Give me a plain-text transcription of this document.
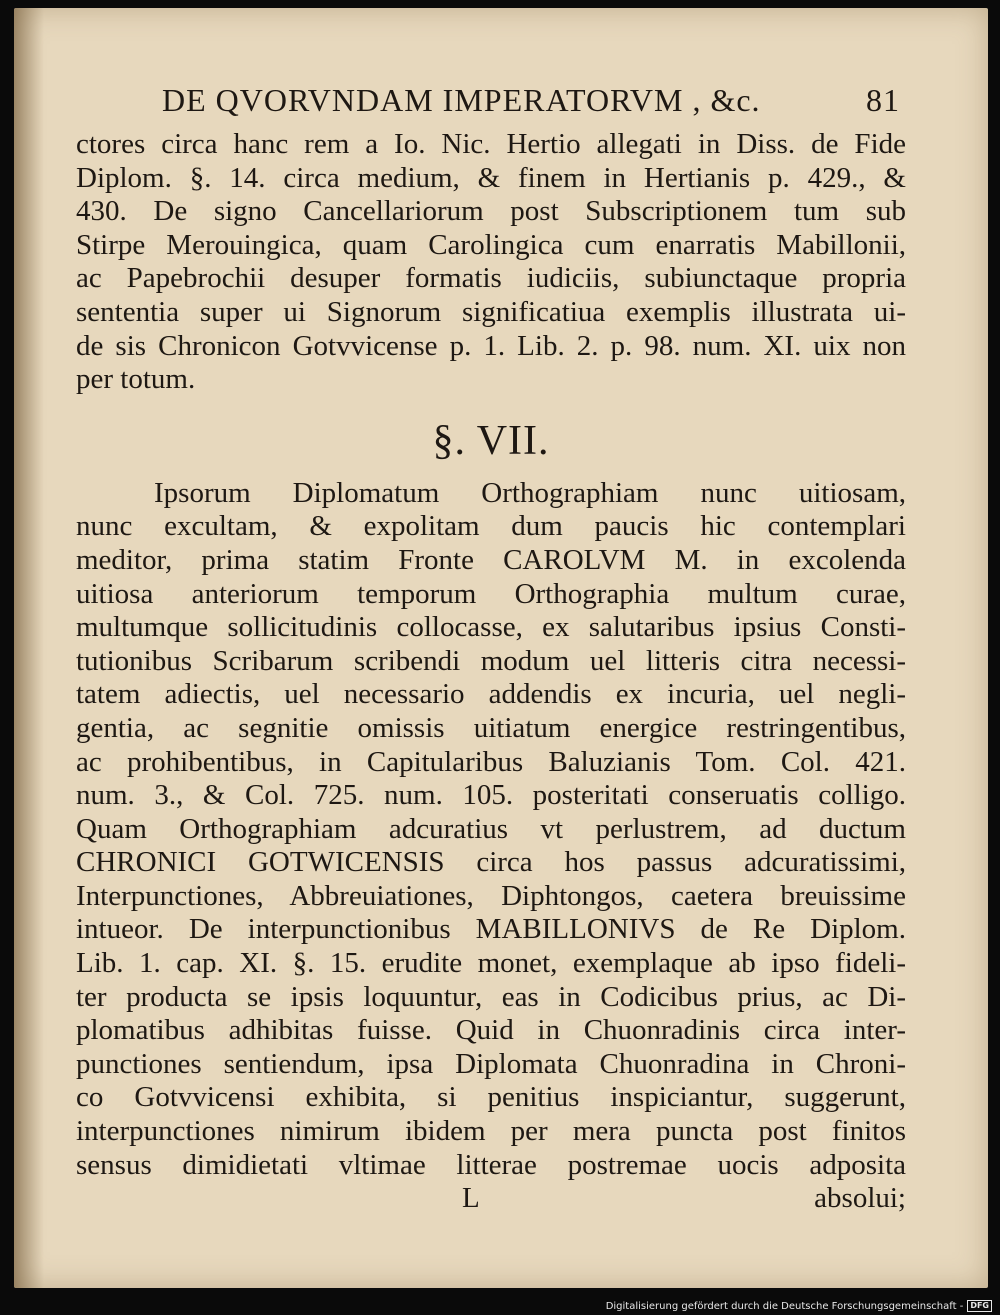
DE QVORVNDAM IMPERATORVM , &c.	81
ctores circa hanc rem a Io. Nic. Hertio allegati in Diss. de Fide
Diplom. §. 14. circa medium, & finem in Hertianis p. 429., &
430. De signo Cancellariorum post Subscriptionem tum sub
Stirpe Merouingica, quam Carolingica cum enarratis Mabillonii,
ac Papebrochii desuper formatis iudiciis, subiunctaque propria
sententia super ui Signorum significatiua exemplis illustrata ui-
de sis Chronicon Gotvvicense p. 1. Lib. 2. p. 98. num. XI. uix non
per totum.
§. VII.
Ipsorum Diplomatum Orthographiam nunc uitiosam,
nunc excultam, & expolitam dum paucis hic contemplari
meditor, prima statim Fronte CAROLVM M. in excolenda
uitiosa anteriorum temporum Orthographia multum curae,
multumque sollicitudinis collocasse, ex salutaribus ipsius Consti-
tutionibus Scribarum scribendi modum uel litteris citra necessi-
tatem adiectis, uel necessario addendis ex incuria, uel negli-
gentia, ac segnitie omissis uitiatum energice restringentibus,
ac prohibentibus, in Capitularibus Baluzianis Tom. Col. 421.
num. 3., & Col. 725. num. 105. posteritati conseruatis colligo.
Quam Orthographiam adcuratius vt perlustrem, ad ductum
CHRONICI GOTWICENSIS circa hos passus adcuratissimi,
Interpunctiones, Abbreuiationes, Diphtongos, caetera breuissime
intueor. De interpunctionibus MABILLONIVS de Re Diplom.
Lib. 1. cap. XI. §. 15. erudite monet, exemplaque ab ipso fideli-
ter producta se ipsis loquuntur, eas in Codicibus prius, ac Di-
plomatibus adhibitas fuisse. Quid in Chuonradinis circa inter-
punctiones sentiendum, ipsa Diplomata Chuonradina in Chroni-
co Gotvvicensi exhibita, si penitius inspiciantur, suggerunt,
interpunctiones nimirum ibidem per mera puncta post finitos
sensus dimidietati vltimae litterae postremae uocis adposita
L	absolui;
Digitalisierung gefördert durch die Deutsche Forschungsgemeinschaft - DFG
